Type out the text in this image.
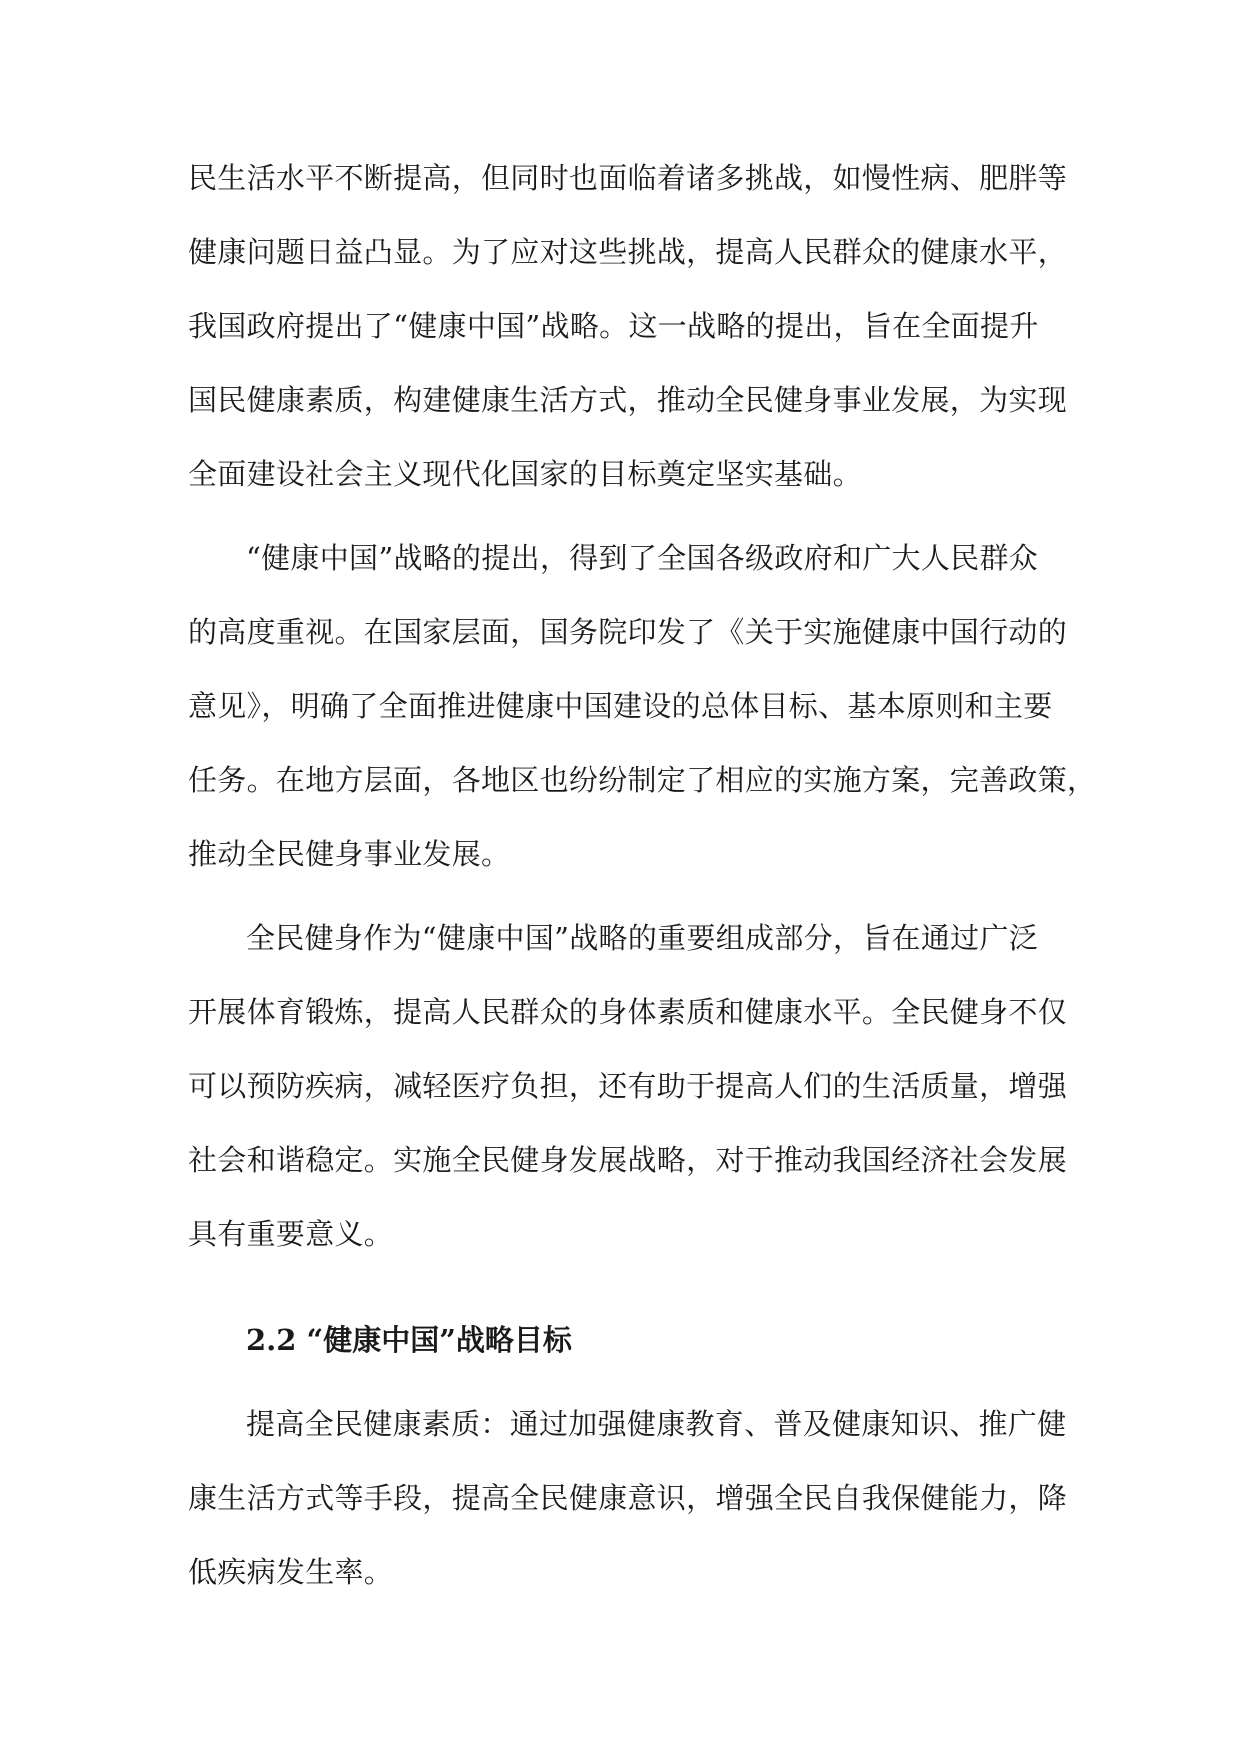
民生活水平不断提高，但同时也面临着诸多挑战，如慢性病、肥胖等
健康问题日益凸显。为了应对这些挑战，提高人民群众的健康水平，
我国政府提出了“健康中国”战略。这一战略的提出，旨在全面提升
国民健康素质，构建健康生活方式，推动全民健身事业发展，为实现
全面建设社会主义现代化国家的目标奠定坚实基础。
“健康中国”战略的提出，得到了全国各级政府和广大人民群众
的高度重视。在国家层面，国务院印发了《关于实施健康中国行动的
意见》，明确了全面推进健康中国建设的总体目标、基本原则和主要
任务。在地方层面，各地区也纷纷制定了相应的实施方案，完善政策，
推动全民健身事业发展。
全民健身作为“健康中国”战略的重要组成部分，旨在通过广泛
开展体育锻炼，提高人民群众的身体素质和健康水平。全民健身不仅
可以预防疾病，减轻医疗负担，还有助于提高人们的生活质量，增强
社会和谐稳定。实施全民健身发展战略，对于推动我国经济社会发展
具有重要意义。
2.2 “健康中国”战略目标
提高全民健康素质：通过加强健康教育、普及健康知识、推广健
康生活方式等手段，提高全民健康意识，增强全民自我保健能力，降
低疾病发生率。
